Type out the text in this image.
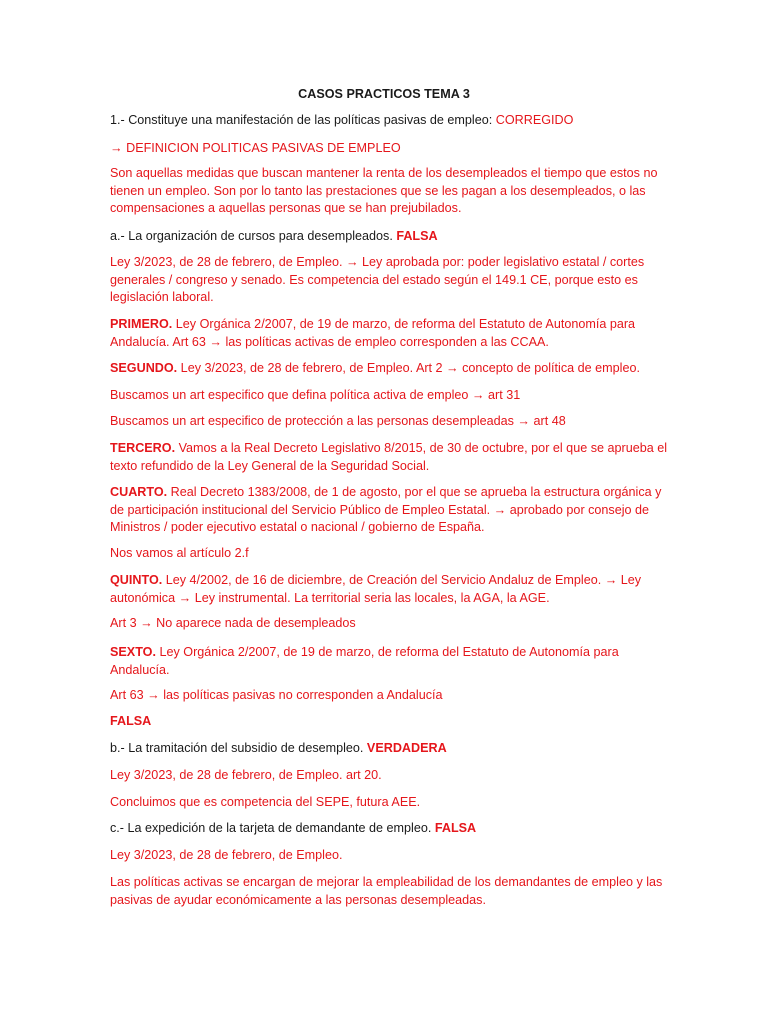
CASOS PRACTICOS TEMA 3

1.- Constituye una manifestación de las políticas pasivas de empleo: CORREGIDO

→ DEFINICION POLITICAS PASIVAS DE EMPLEO

Son aquellas medidas que buscan mantener la renta de los desempleados el tiempo que estos no tienen un empleo. Son por lo tanto las prestaciones que se les pagan a los desempleados, o las compensaciones a aquellas personas que se han prejubilados.

a.- La organización de cursos para desempleados. FALSA

Ley 3/2023, de 28 de febrero, de Empleo. → Ley aprobada por: poder legislativo estatal / cortes generales / congreso y senado. Es competencia del estado según el 149.1 CE, porque esto es legislación laboral.

PRIMERO. Ley Orgánica 2/2007, de 19 de marzo, de reforma del Estatuto de Autonomía para Andalucía. Art 63 → las políticas activas de empleo corresponden a las CCAA.

SEGUNDO. Ley 3/2023, de 28 de febrero, de Empleo. Art 2 → concepto de política de empleo.

Buscamos un art especifico que defina política activa de empleo → art 31

Buscamos un art especifico de protección a las personas desempleadas → art 48

TERCERO. Vamos a la Real Decreto Legislativo 8/2015, de 30 de octubre, por el que se aprueba el texto refundido de la Ley General de la Seguridad Social.

CUARTO. Real Decreto 1383/2008, de 1 de agosto, por el que se aprueba la estructura orgánica y de participación institucional del Servicio Público de Empleo Estatal. → aprobado por consejo de Ministros / poder ejecutivo estatal o nacional / gobierno de España.

Nos vamos al artículo 2.f

QUINTO. Ley 4/2002, de 16 de diciembre, de Creación del Servicio Andaluz de Empleo. → Ley autonómica → Ley instrumental. La territorial seria las locales, la AGA, la AGE.

Art 3 → No aparece nada de desempleados

SEXTO. Ley Orgánica 2/2007, de 19 de marzo, de reforma del Estatuto de Autonomía para Andalucía.

Art 63 → las políticas pasivas no corresponden a Andalucía

FALSA

b.- La tramitación del subsidio de desempleo. VERDADERA

Ley 3/2023, de 28 de febrero, de Empleo. art 20.

Concluimos que es competencia del SEPE, futura AEE.

c.- La expedición de la tarjeta de demandante de empleo. FALSA

Ley 3/2023, de 28 de febrero, de Empleo.

Las políticas activas se encargan de mejorar la empleabilidad de los demandantes de empleo y las pasivas de ayudar económicamente a las personas desempleadas.
